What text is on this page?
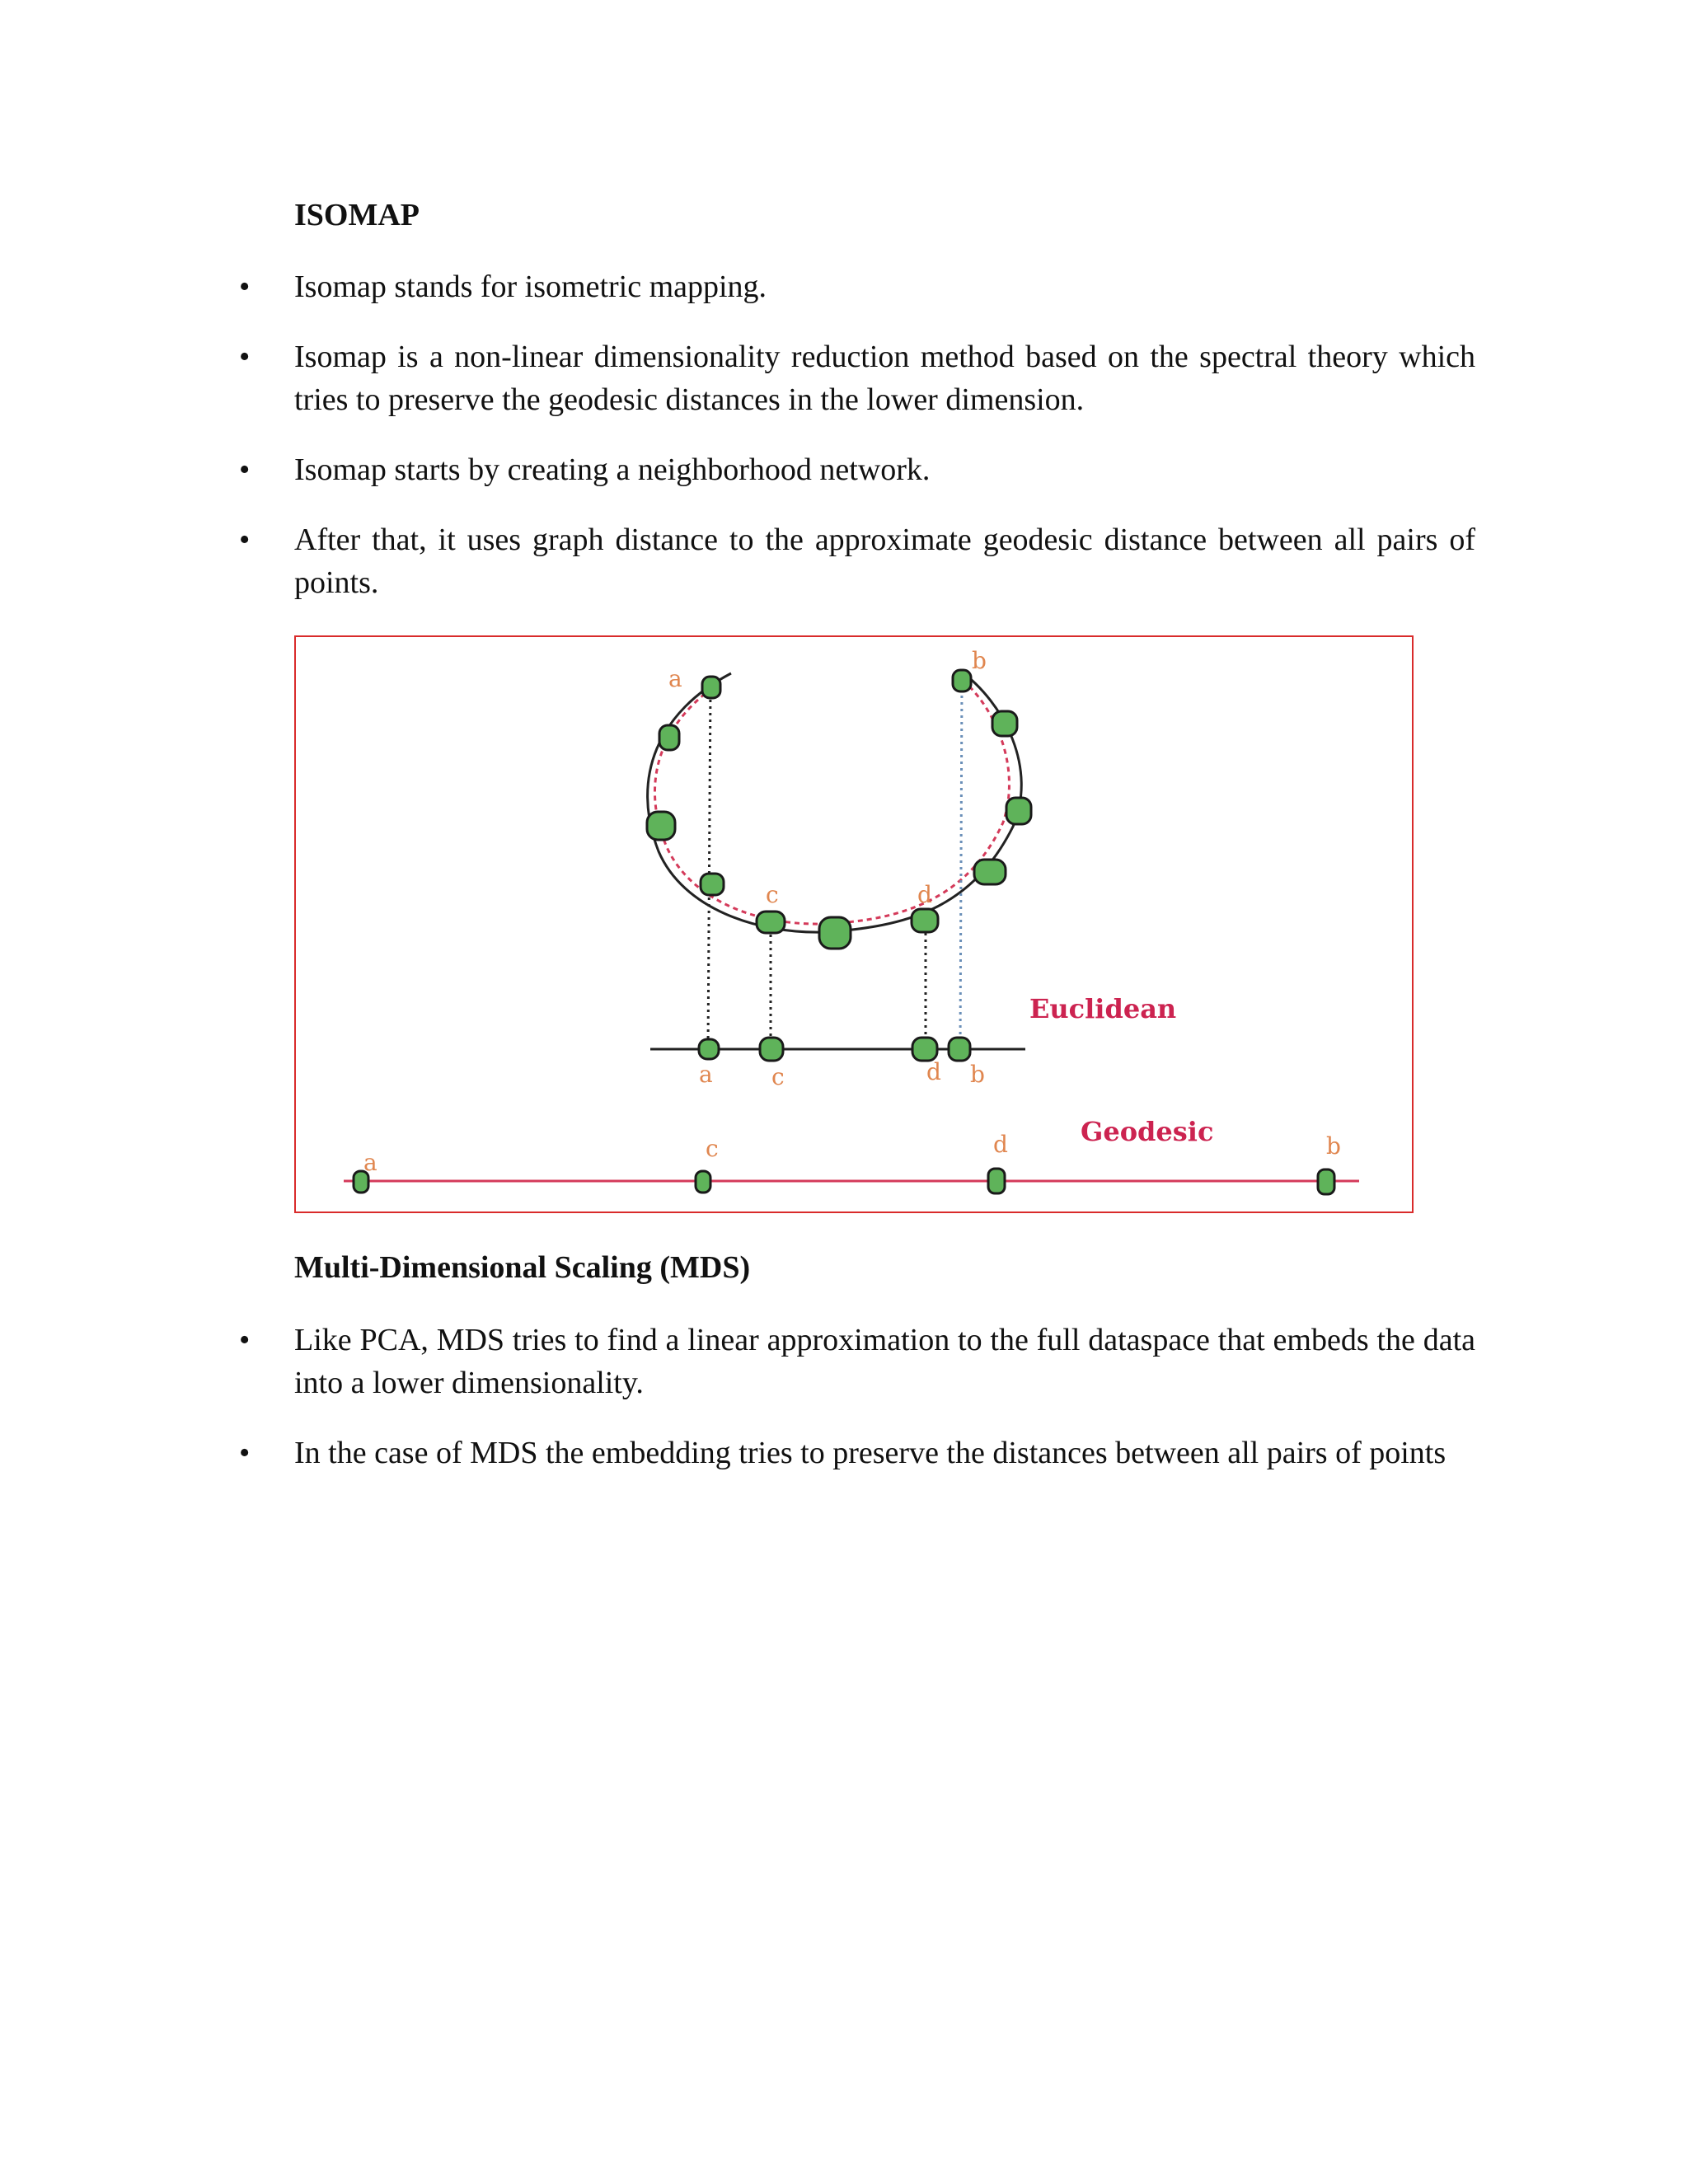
ISOMAP
• Isomap stands for isometric mapping.
• Isomap is a non-linear dimensionality reduction method based on the spectral theory which tries to preserve the geodesic distances in the lower dimension.
• Isomap starts by creating a neighborhood network.
• After that, it uses graph distance to the approximate geodesic distance between all pairs of points.
a
b
c	d
a	c	d b
Euclidean
a
c	d	b
Geodesic
Multi-Dimensional Scaling (MDS)
• Like PCA, MDS tries to find a linear approximation to the full dataspace that embeds the data into a lower dimensionality.
• In the case of MDS the embedding tries to preserve the distances between all pairs of points
